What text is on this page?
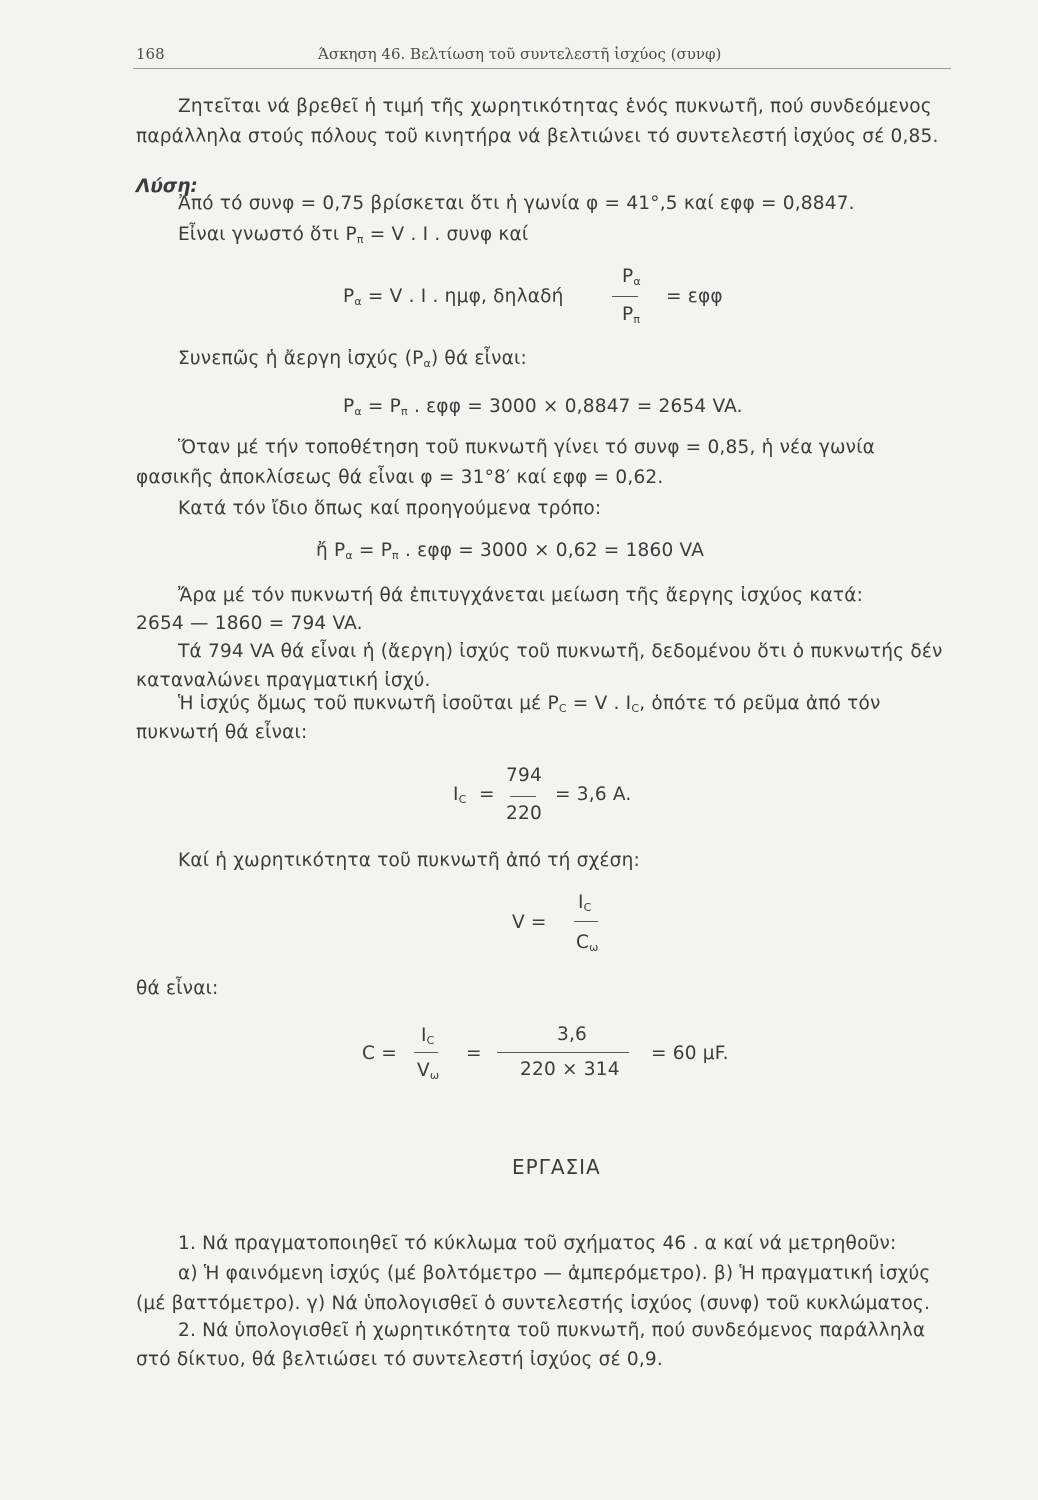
168	Άσκηση 46. Βελτίωση τοῦ συντελεστῆ ἰσχύος (συνφ)
Ζητεῖται νά βρεθεῖ ἡ τιμή τῆς χωρητικότητας ἑνός πυκνωτῆ, πού συνδεόμενος
παράλληλα στούς πόλους τοῦ κινητήρα νά βελτιώνει τό συντελεστή ἰσχύος σέ 0,85.
Λύση:
Ἀπό τό συνφ = 0,75 βρίσκεται ὅτι ἡ γωνία φ = 41°,5 καί εφφ = 0,8847.
Εἶναι γνωστό ὅτι $P_\pi = V$ . I . συνφ καί
$P_\alpha = V$ . I . ημφ, δηλαδή
$P_\alpha$
$P_\pi$
= εφφ
Συνεπῶς ἡ ἄεργη ἰσχύς $(P_\alpha)$ θά εἶναι:
$P_\alpha = P_\pi$ . εφφ = 3000 × 0,8847 = 2654 VA.
Ὅταν μέ τήν τοποθέτηση τοῦ πυκνωτῆ γίνει τό συνφ = 0,85, ἡ νέα γωνία
φασικῆς ἀποκλίσεως θά εἶναι φ = 31°8′ καί εφφ = 0,62.
Κατά τόν ἴδιο ὅπως καί προηγούμενα τρόπο:
ἤ $P_\alpha = P_\pi$ . εφφ = 3000 × 0,62 = 1860 VA
Ἄρα μέ τόν πυκνωτή θά ἐπιτυγχάνεται μείωση τῆς ἄεργης ἰσχύος κατά:
2654 — 1860 = 794 VA.
Τά 794 VA θά εἶναι ἡ (ἄεργη) ἰσχύς τοῦ πυκνωτῆ, δεδομένου ὅτι ὁ πυκνωτής δέν
καταναλώνει πραγματική ἰσχύ.
Ἡ ἰσχύς ὅμως τοῦ πυκνωτῆ ἰσοῦται μέ $P_C = V$ . $I_C$, ὁπότε τό ρεῦμα ἀπό τόν
πυκνωτή θά εἶναι:
$I_C$ =
794
220
= 3,6 A.
Καί ἡ χωρητικότητα τοῦ πυκνωτῆ ἀπό τή σχέση:
V =
$I_C$
$C_\omega$
θά εἶναι:
C =
$I_C$
$V_\omega$
=
3,6
220 × 314
= 60 μF.
ΕΡΓΑΣΙΑ
1. Νά πραγματοποιηθεῖ τό κύκλωμα τοῦ σχήματος 46 . α καί νά μετρηθοῦν:
α) Ἡ φαινόμενη ἰσχύς (μέ βολτόμετρο — ἀμπερόμετρο). β) Ἡ πραγματική ἰσχύς
(μέ βαττόμετρο). γ) Νά ὑπολογισθεῖ ὁ συντελεστής ἰσχύος (συνφ) τοῦ κυκλώματος.
2. Νά ὑπολογισθεῖ ἡ χωρητικότητα τοῦ πυκνωτῆ, πού συνδεόμενος παράλληλα
στό δίκτυο, θά βελτιώσει τό συντελεστή ἰσχύος σέ 0,9.
